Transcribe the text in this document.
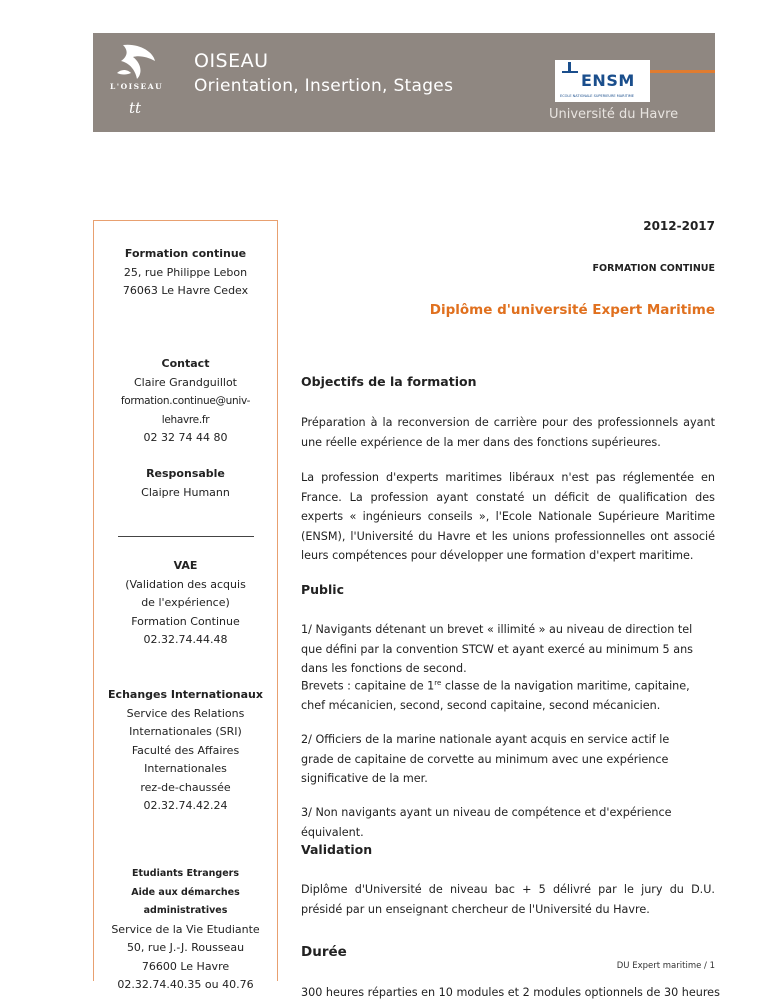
L'OISEAU
tt
OISEAU
Orientation, Insertion, Stages	ENSM
ECOLE NATIONALE SUPERIEURE MARITIME
Université du Havre
Formation continue
25, rue Philippe Lebon
76063 Le Havre Cedex
Contact
Claire Grandguillot
formation.continue@univ-
lehavre.fr
02 32 74 44 80
Responsable
Claipre Humann
VAE
(Validation des acquis
de l'expérience)
Formation Continue
02.32.74.44.48
Echanges Internationaux
Service des Relations
Internationales (SRI)
Faculté des Affaires
Internationales
rez-de-chaussée
02.32.74.42.24
Etudiants Etrangers
Aide aux démarches administratives
Service de la Vie Etudiante
50, rue J.-J. Rousseau
76600 Le Havre
02.32.74.40.35 ou 40.76
2012-2017
FORMATION CONTINUE
Diplôme d'université Expert Maritime
Objectifs de la formation
Préparation à la reconversion de carrière pour des professionnels ayant une réelle expérience de la mer dans des fonctions supérieures.
La profession d'experts maritimes libéraux n'est pas réglementée en France. La profession ayant constaté un déficit de qualification des experts « ingénieurs conseils », l'Ecole Nationale Supérieure Maritime (ENSM), l'Université du Havre et les unions professionnelles ont associé leurs compétences pour développer une formation d'expert maritime.
Public
1/ Navigants détenant un brevet « illimité » au niveau de direction tel que défini par la convention STCW et ayant exercé au minimum 5 ans dans les fonctions de second.
Brevets : capitaine de 1re classe de la navigation maritime, capitaine, chef mécanicien, second, second capitaine, second mécanicien.
2/ Officiers de la marine nationale ayant acquis en service actif le grade de capitaine de corvette au minimum avec une expérience significative de la mer.
3/ Non navigants ayant un niveau de compétence et d'expérience équivalent.
Validation
Diplôme d'Université de niveau bac + 5 délivré par le jury du D.U. présidé par un enseignant chercheur de l'Université du Havre.
Durée
DU Expert maritime / 1
300 heures réparties en 10 modules et 2 modules optionnels de 30 heures
